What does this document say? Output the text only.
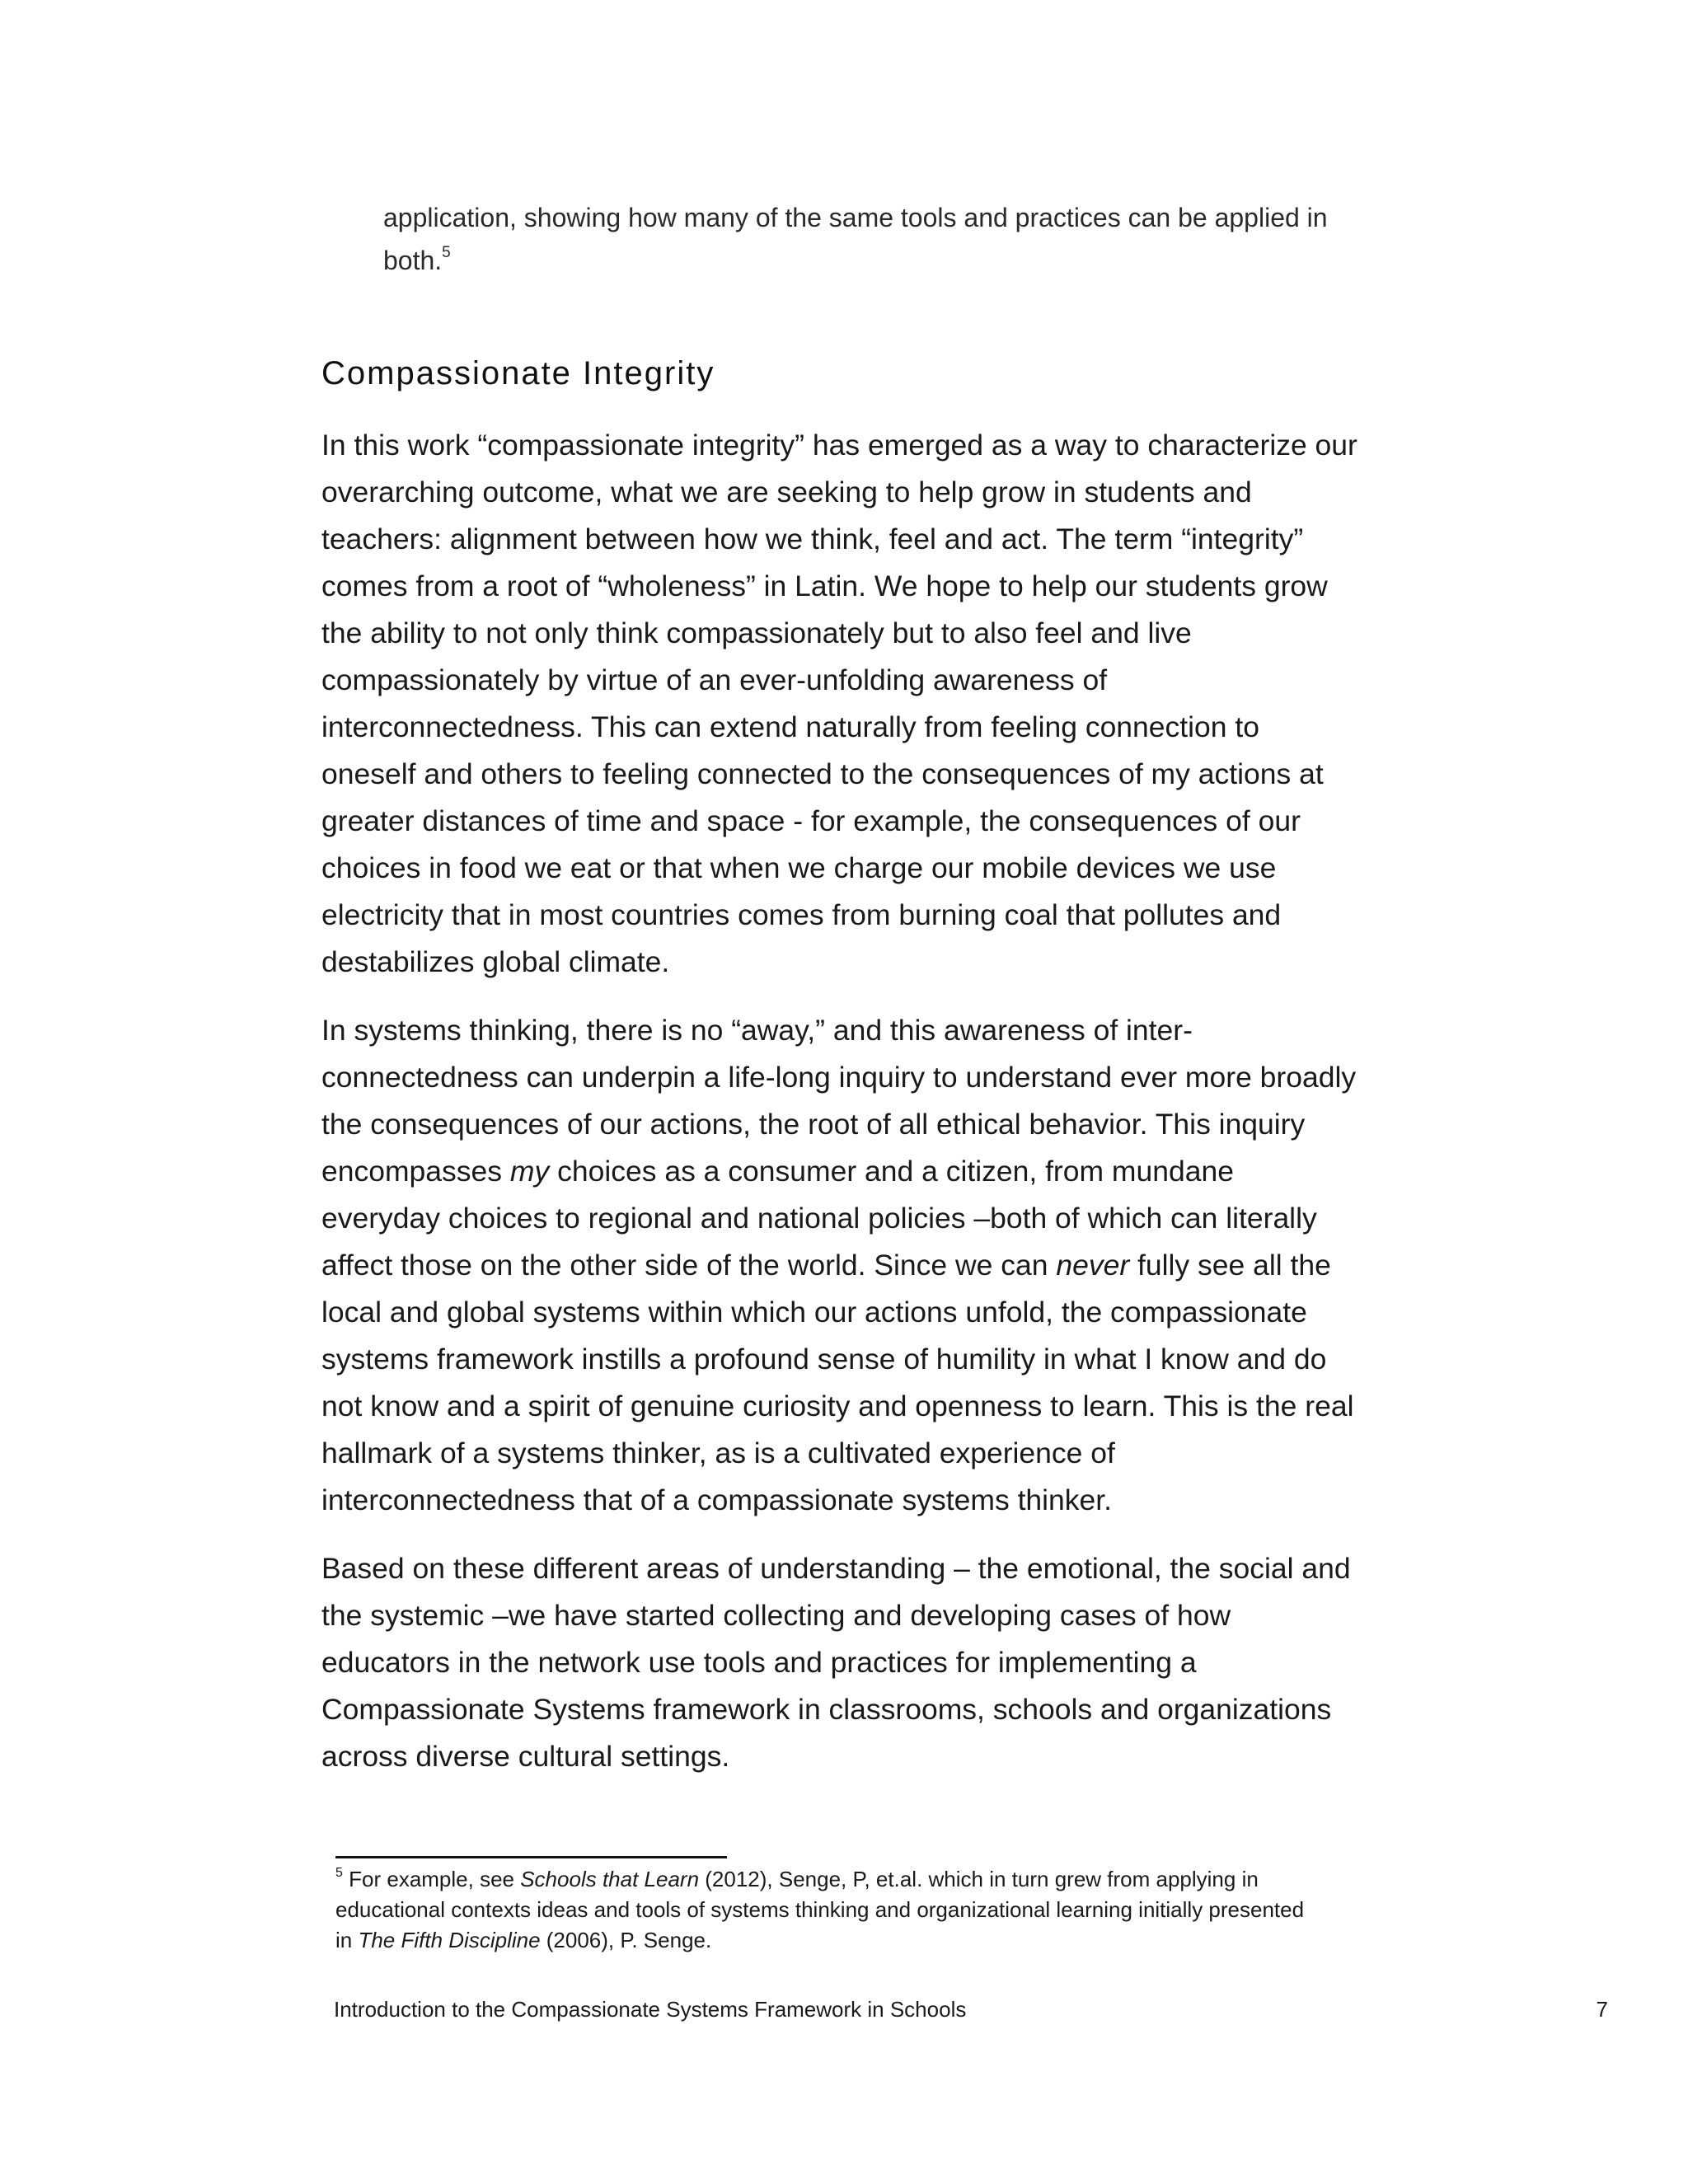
application, showing how many of the same tools and practices can be applied in both.$^5$

Compassionate Integrity

In this work “compassionate integrity” has emerged as a way to characterize our overarching outcome, what we are seeking to help grow in students and teachers: alignment between how we think, feel and act. The term “integrity” comes from a root of “wholeness” in Latin. We hope to help our students grow the ability to not only think compassionately but to also feel and live compassionately by virtue of an ever-unfolding awareness of interconnectedness. This can extend naturally from feeling connection to oneself and others to feeling connected to the consequences of my actions at greater distances of time and space - for example, the consequences of our choices in food we eat or that when we charge our mobile devices we use electricity that in most countries comes from burning coal that pollutes and destabilizes global climate.

In systems thinking, there is no “away,” and this awareness of inter-connectedness can underpin a life-long inquiry to understand ever more broadly the consequences of our actions, the root of all ethical behavior. This inquiry encompasses my choices as a consumer and a citizen, from mundane everyday choices to regional and national policies –both of which can literally affect those on the other side of the world. Since we can never fully see all the local and global systems within which our actions unfold, the compassionate systems framework instills a profound sense of humility in what I know and do not know and a spirit of genuine curiosity and openness to learn. This is the real hallmark of a systems thinker, as is a cultivated experience of interconnectedness that of a compassionate systems thinker.

Based on these different areas of understanding – the emotional, the social and the systemic –we have started collecting and developing cases of how educators in the network use tools and practices for implementing a Compassionate Systems framework in classrooms, schools and organizations across diverse cultural settings.

$^5$ For example, see Schools that Learn (2012), Senge, P, et.al. which in turn grew from applying in educational contexts ideas and tools of systems thinking and organizational learning initially presented in The Fifth Discipline (2006), P. Senge.

Introduction to the Compassionate Systems Framework in Schools	7
